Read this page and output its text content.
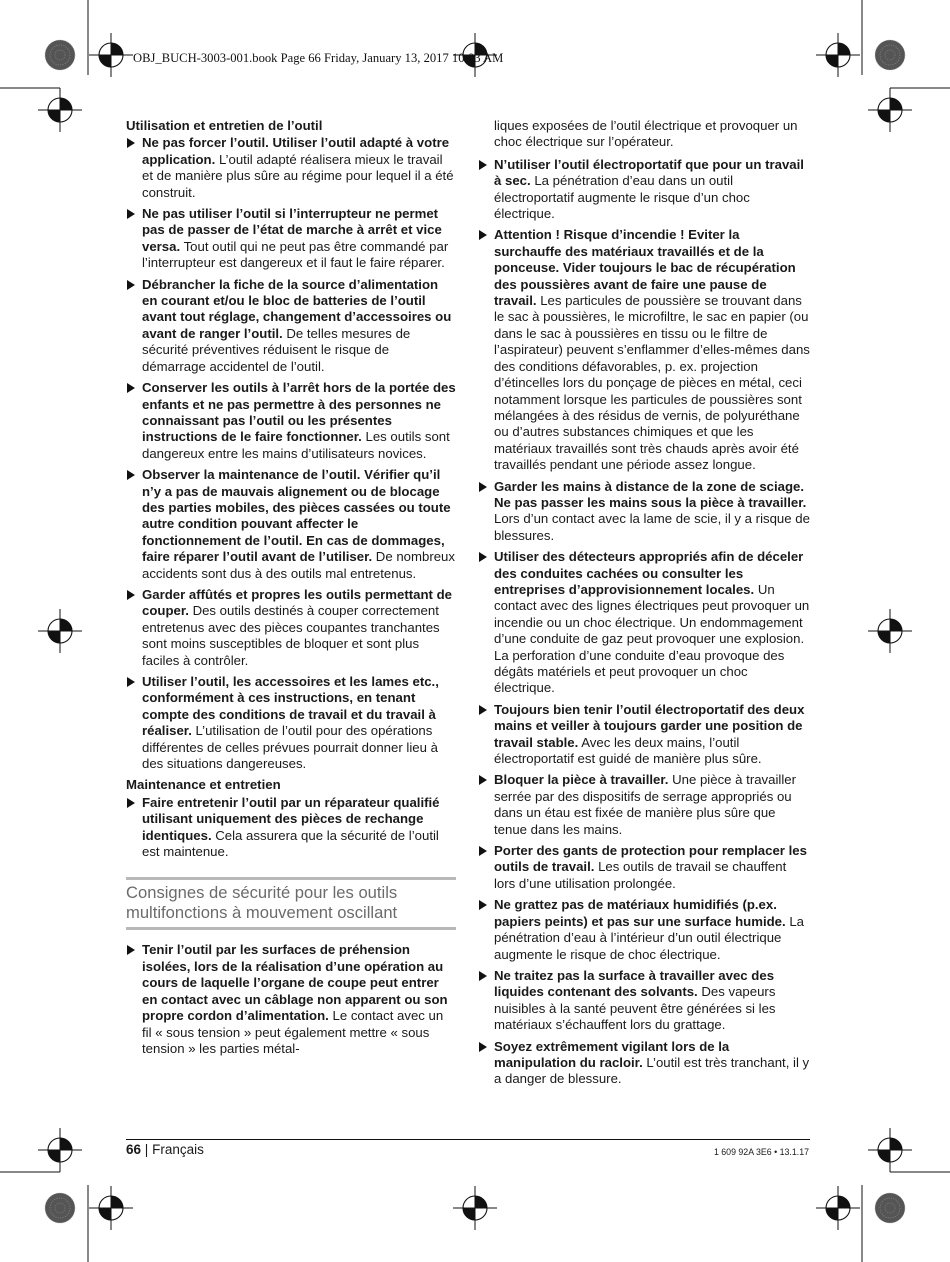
OBJ_BUCH-3003-001.book Page 66 Friday, January 13, 2017 10:03 AM
Utilisation et entretien de l’outil
Ne pas forcer l’outil. Utiliser l’outil adapté à votre application. L’outil adapté réalisera mieux le travail et de manière plus sûre au régime pour lequel il a été construit.
Ne pas utiliser l’outil si l’interrupteur ne permet pas de passer de l’état de marche à arrêt et vice versa. Tout outil qui ne peut pas être commandé par l’interrupteur est dangereux et il faut le faire réparer.
Débrancher la fiche de la source d’alimentation en courant et/ou le bloc de batteries de l’outil avant tout réglage, changement d’accessoires ou avant de ranger l’outil. De telles mesures de sécurité préventives réduisent le risque de démarrage accidentel de l’outil.
Conserver les outils à l’arrêt hors de la portée des enfants et ne pas permettre à des personnes ne connaissant pas l’outil ou les présentes instructions de le faire fonctionner. Les outils sont dangereux entre les mains d’utilisateurs novices.
Observer la maintenance de l’outil. Vérifier qu’il n’y a pas de mauvais alignement ou de blocage des parties mobiles, des pièces cassées ou toute autre condition pouvant affecter le fonctionnement de l’outil. En cas de dommages, faire réparer l’outil avant de l’utiliser. De nombreux accidents sont dus à des outils mal entretenus.
Garder affûtés et propres les outils permettant de couper. Des outils destinés à couper correctement entretenus avec des pièces coupantes tranchantes sont moins susceptibles de bloquer et sont plus faciles à contrôler.
Utiliser l’outil, les accessoires et les lames etc., conformément à ces instructions, en tenant compte des conditions de travail et du travail à réaliser. L’utilisation de l’outil pour des opérations différentes de celles prévues pourrait donner lieu à des situations dangereuses.
Maintenance et entretien
Faire entretenir l’outil par un réparateur qualifié utilisant uniquement des pièces de rechange identiques. Cela assurera que la sécurité de l’outil est maintenue.
Consignes de sécurité pour les outils multifonctions à mouvement oscillant
Tenir l’outil par les surfaces de préhension isolées, lors de la réalisation d’une opération au cours de laquelle l’organe de coupe peut entrer en contact avec un câblage non apparent ou son propre cordon d’alimentation. Le contact avec un fil « sous tension » peut également mettre « sous tension » les parties métal-
liques exposées de l’outil électrique et provoquer un choc électrique sur l’opérateur.
N’utiliser l’outil électroportatif que pour un travail à sec. La pénétration d’eau dans un outil électroportatif augmente le risque d’un choc électrique.
Attention ! Risque d’incendie ! Eviter la surchauffe des matériaux travaillés et de la ponceuse. Vider toujours le bac de récupération des poussières avant de faire une pause de travail. Les particules de poussière se trouvant dans le sac à poussières, le microfiltre, le sac en papier (ou dans le sac à poussières en tissu ou le filtre de l’aspirateur) peuvent s’enflammer d’elles-mêmes dans des conditions défavorables, p. ex. projection d’étincelles lors du ponçage de pièces en métal, ceci notamment lorsque les particules de poussières sont mélangées à des résidus de vernis, de polyuréthane ou d’autres substances chimiques et que les matériaux travaillés sont très chauds après avoir été travaillés pendant une période assez longue.
Garder les mains à distance de la zone de sciage. Ne pas passer les mains sous la pièce à travailler. Lors d’un contact avec la lame de scie, il y a risque de blessures.
Utiliser des détecteurs appropriés afin de déceler des conduites cachées ou consulter les entreprises d’approvisionnement locales. Un contact avec des lignes électriques peut provoquer un incendie ou un choc électrique. Un endommagement d’une conduite de gaz peut provoquer une explosion. La perforation d’une conduite d’eau provoque des dégâts matériels et peut provoquer un choc électrique.
Toujours bien tenir l’outil électroportatif des deux mains et veiller à toujours garder une position de travail stable. Avec les deux mains, l’outil électroportatif est guidé de manière plus sûre.
Bloquer la pièce à travailler. Une pièce à travailler serrée par des dispositifs de serrage appropriés ou dans un étau est fixée de manière plus sûre que tenue dans les mains.
Porter des gants de protection pour remplacer les outils de travail. Les outils de travail se chauffent lors d’une utilisation prolongée.
Ne grattez pas de matériaux humidifiés (p.ex. papiers peints) et pas sur une surface humide. La pénétration d’eau à l’intérieur d’un outil électrique augmente le risque de choc électrique.
Ne traitez pas la surface à travailler avec des liquides contenant des solvants. Des vapeurs nuisibles à la santé peuvent être générées si les matériaux s’échauffent lors du grattage.
Soyez extrêmement vigilant lors de la manipulation du racloir. L’outil est très tranchant, il y a danger de blessure.
66 | Français	1 609 92A 3E6 • 13.1.17
